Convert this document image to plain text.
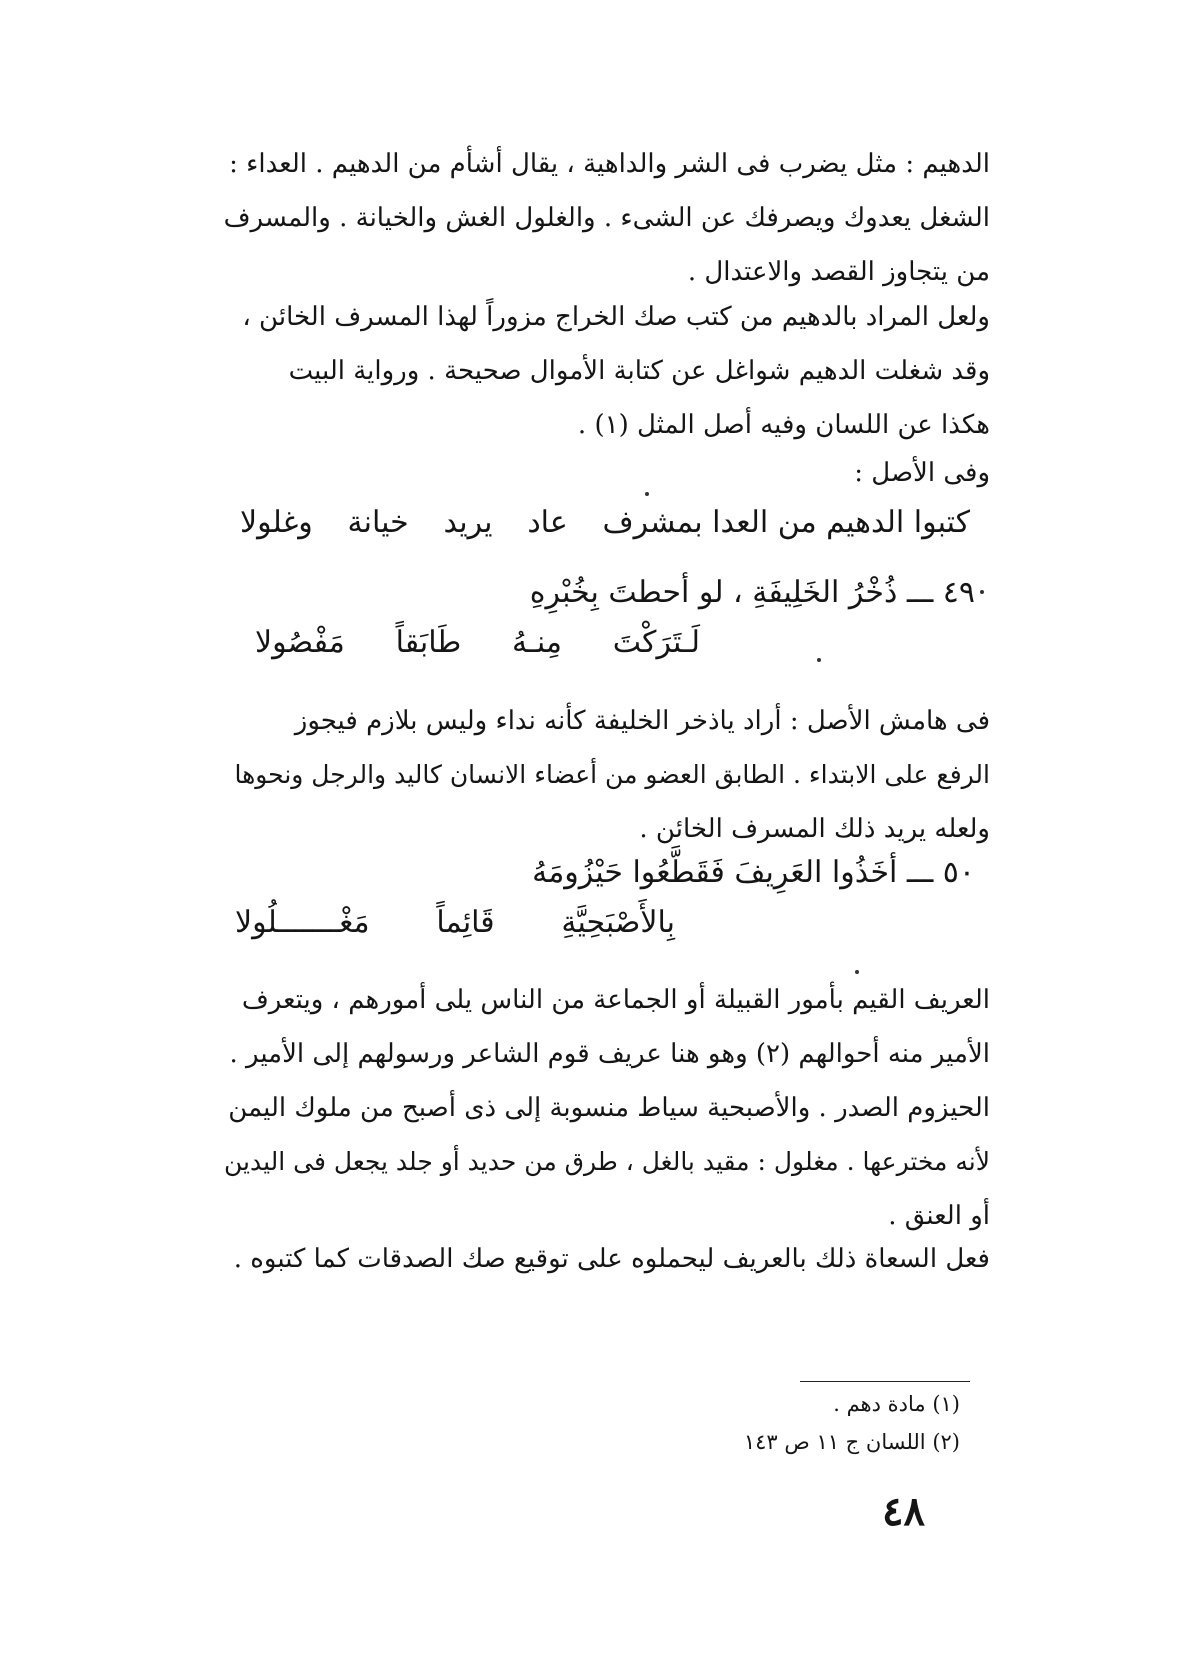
الدهيم : مثل يضرب فى الشر والداهية ، يقال أشأم من الدهيم . العداء :
الشغل يعدوك ويصرفك عن الشىء . والغلول الغش والخيانة . والمسرف
من يتجاوز القصد والاعتدال .
ولعل المراد بالدهيم من كتب صك الخراج مزوراً لهذا المسرف الخائن ،
وقد شغلت الدهيم شواغل عن كتابة الأموال صحيحة . ورواية البيت
هكذا عن اللسان وفيه أصل المثل (١) .
وفى الأصل :
كتبوا الدهيم من العدا بمشرف
عاد
يريد
خيانة
وغلولا
٤٩ ـــ ذُخْرُ الخَلِيفَةِ ، لو أحطتَ بِخُبْرِهِ
لَـتَرَكْتَ
مِنـهُ
طَابَقاً
مَفْصُولا
فى هامش الأصل : أراد ياذخر الخليفة كأنه نداء وليس بلازم فيجوز
الرفع على الابتداء . الطابق العضو من أعضاء الانسان كاليد والرجل ونحوها
ولعله يريد ذلك المسرف الخائن .
٥٠ ـــ أخَذُوا العَرِيفَ فَقَطَّعُوا حَيْزُومَهُ
بِالأَصْبَحِيَّةِ
قَائِماً
مَغْـــــــلُولا
العريف القيم بأمور القبيلة أو الجماعة من الناس يلى أمورهم ، ويتعرف
الأمير منه أحوالهم (٢) وهو هنا عريف قوم الشاعر ورسولهم إلى الأمير .
الحيزوم الصدر . والأصبحية سياط منسوبة إلى ذى أصبح من ملوك اليمن
لأنه مخترعها . مغلول : مقيد بالغل ، طرق من حديد أو جلد يجعل فى اليدين
أو العنق .
فعل السعاة ذلك بالعريف ليحملوه على توقيع صك الصدقات كما كتبوه .
(١) مادة دهم .
(٢) اللسان ج ١١ ص ١٤٣
٤٨
